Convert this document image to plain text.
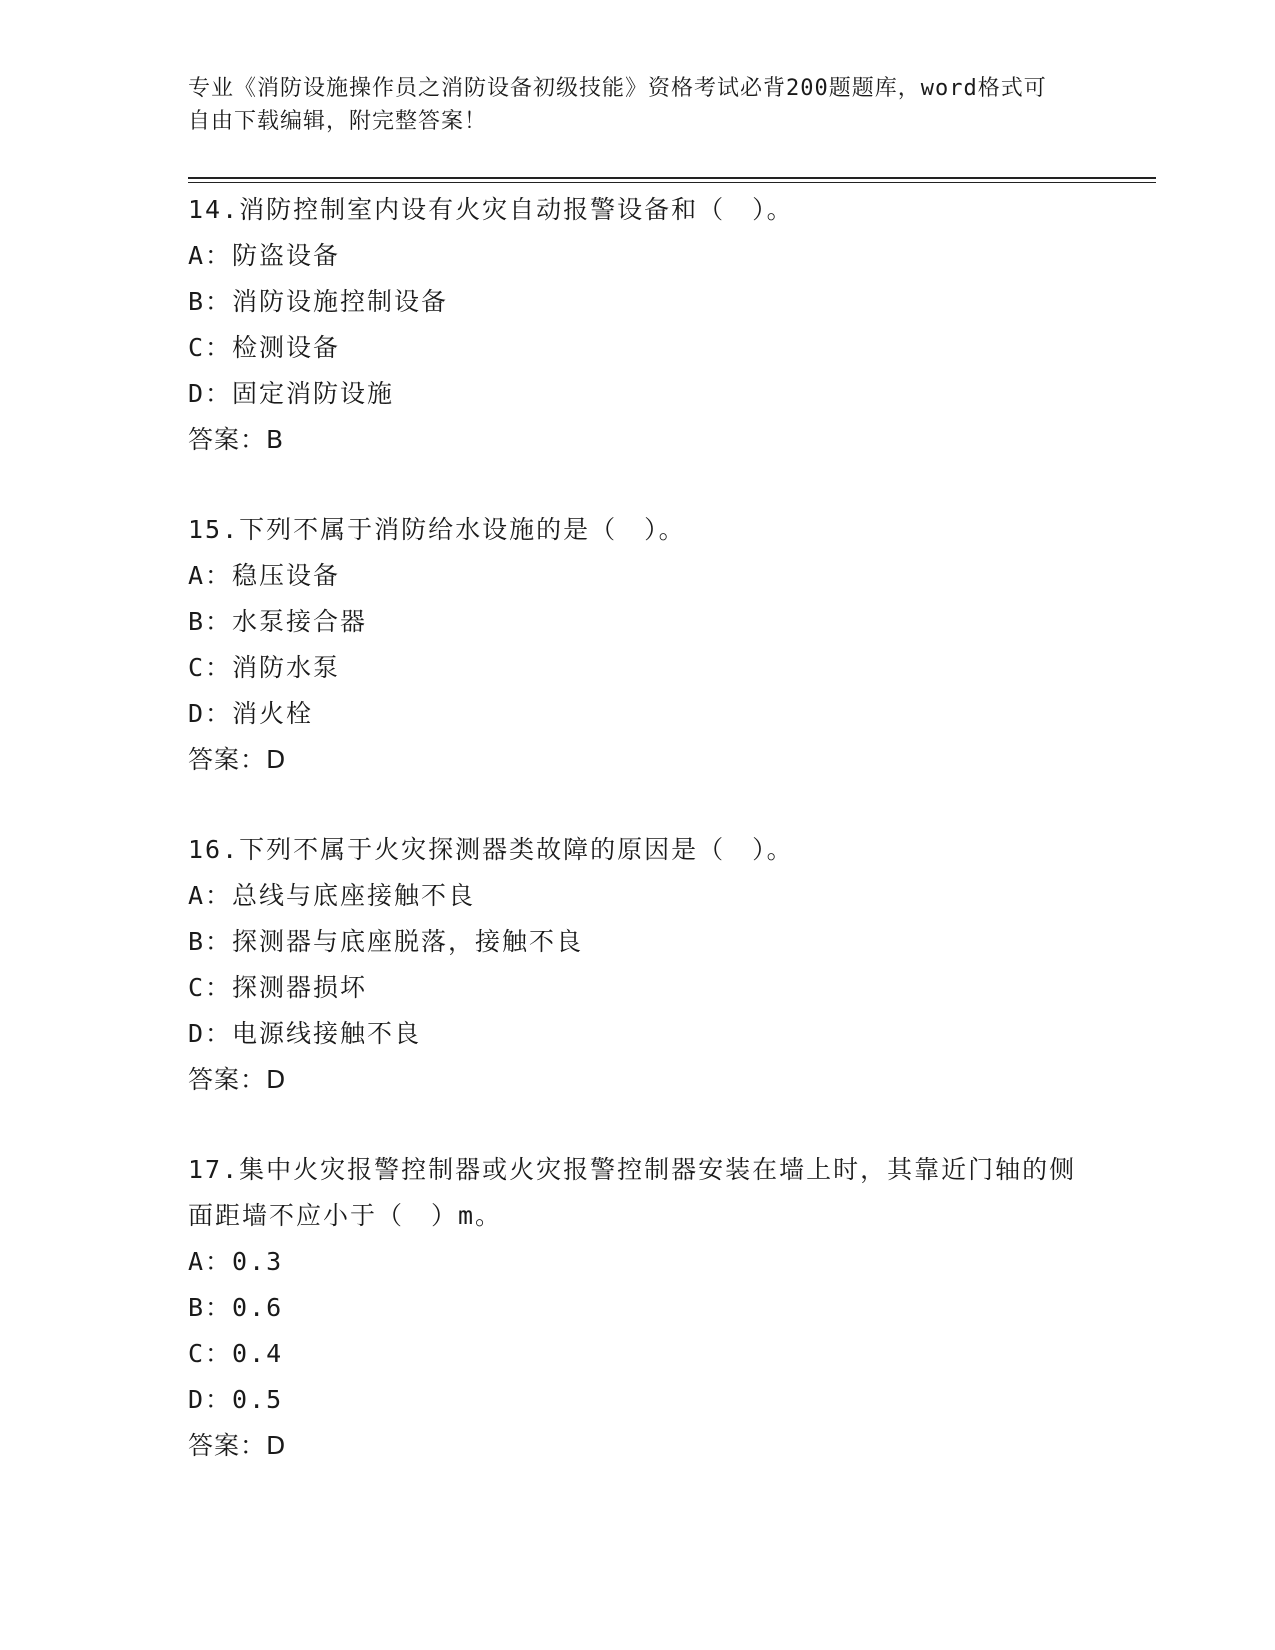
专业《消防设施操作员之消防设备初级技能》资格考试必背200题题库，word格式可自由下载编辑，附完整答案！
14.消防控制室内设有火灾自动报警设备和（　）。
A：防盗设备
B：消防设施控制设备
C：检测设备
D：固定消防设施
答案：B
15.下列不属于消防给水设施的是（　）。
A：稳压设备
B：水泵接合器
C：消防水泵
D：消火栓
答案：D
16.下列不属于火灾探测器类故障的原因是（　）。
A：总线与底座接触不良
B：探测器与底座脱落，接触不良
C：探测器损坏
D：电源线接触不良
答案：D
17.集中火灾报警控制器或火灾报警控制器安装在墙上时，其靠近门轴的侧面距墙不应小于（　）m。
A：0.3
B：0.6
C：0.4
D：0.5
答案：D
